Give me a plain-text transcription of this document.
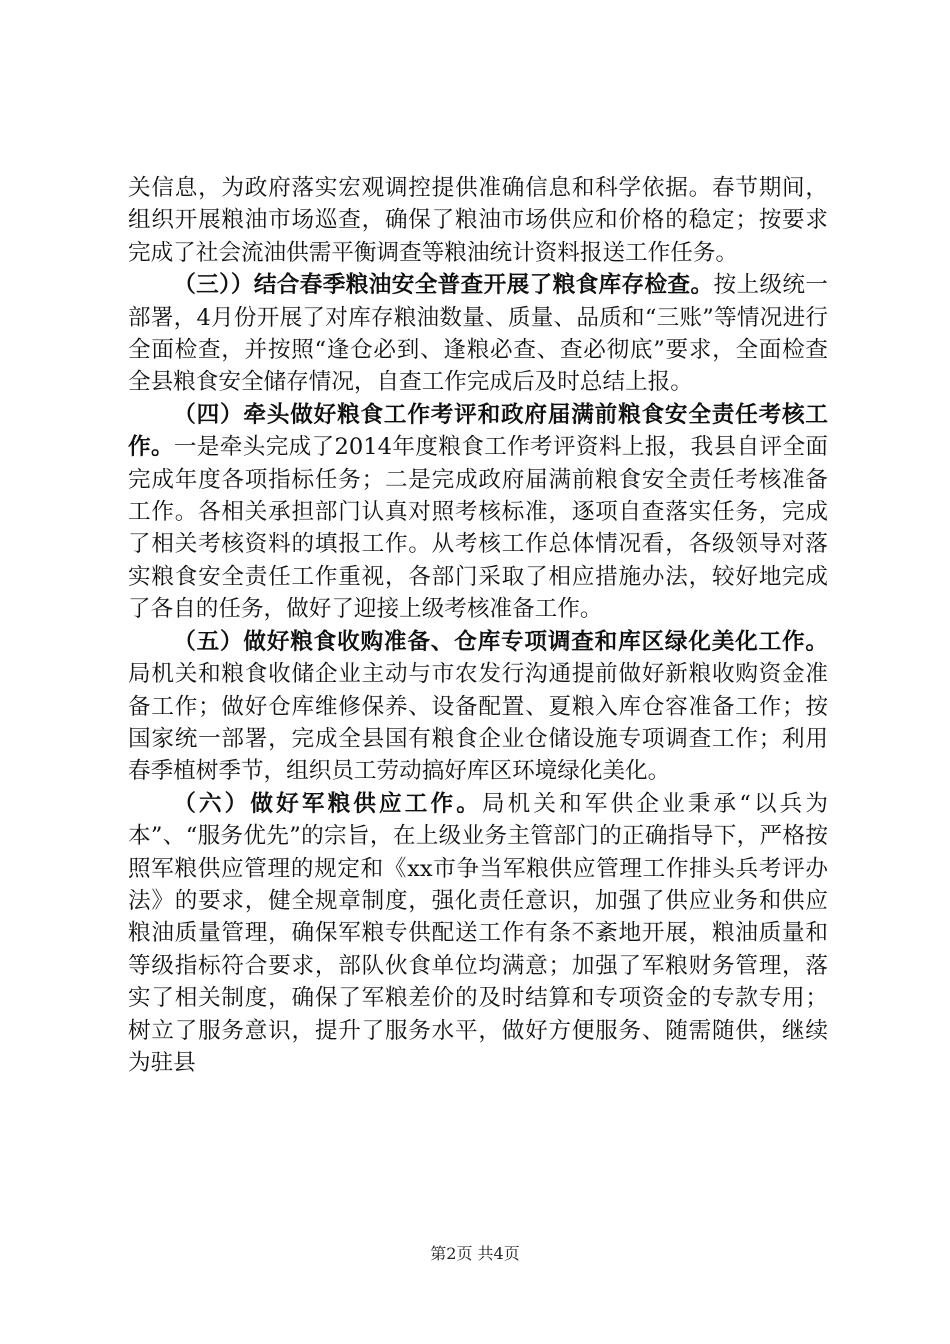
关信息，为政府落实宏观调控提供准确信息和科学依据。春节期间，组织开展粮油市场巡查，确保了粮油市场供应和价格的稳定；按要求完成了社会流油供需平衡调查等粮油统计资料报送工作任务。

（三））结合春季粮油安全普查开展了粮食库存检查。按上级统一部署，4月份开展了对库存粮油数量、质量、品质和“三账”等情况进行全面检查，并按照“逢仓必到、逢粮必查、查必彻底”要求，全面检查全县粮食安全储存情况，自查工作完成后及时总结上报。

（四）牵头做好粮食工作考评和政府届满前粮食安全责任考核工作。一是牵头完成了2014年度粮食工作考评资料上报，我县自评全面完成年度各项指标任务；二是完成政府届满前粮食安全责任考核准备工作。各相关承担部门认真对照考核标准，逐项自查落实任务，完成了相关考核资料的填报工作。从考核工作总体情况看，各级领导对落实粮食安全责任工作重视，各部门采取了相应措施办法，较好地完成了各自的任务，做好了迎接上级考核准备工作。

（五）做好粮食收购准备、仓库专项调查和库区绿化美化工作。局机关和粮食收储企业主动与市农发行沟通提前做好新粮收购资金准备工作；做好仓库维修保养、设备配置、夏粮入库仓容准备工作；按国家统一部署，完成全县国有粮食企业仓储设施专项调查工作；利用春季植树季节，组织员工劳动搞好库区环境绿化美化。

（六）做好军粮供应工作。局机关和军供企业秉承“以兵为本”、“服务优先”的宗旨，在上级业务主管部门的正确指导下，严格按照军粮供应管理的规定和《xx市争当军粮供应管理工作排头兵考评办法》的要求，健全规章制度，强化责任意识，加强了供应业务和供应粮油质量管理，确保军粮专供配送工作有条不紊地开展，粮油质量和等级指标符合要求，部队伙食单位均满意；加强了军粮财务管理，落实了相关制度，确保了军粮差价的及时结算和专项资金的专款专用；树立了服务意识，提升了服务水平，做好方便服务、随需随供，继续为驻县

第2页 共4页
